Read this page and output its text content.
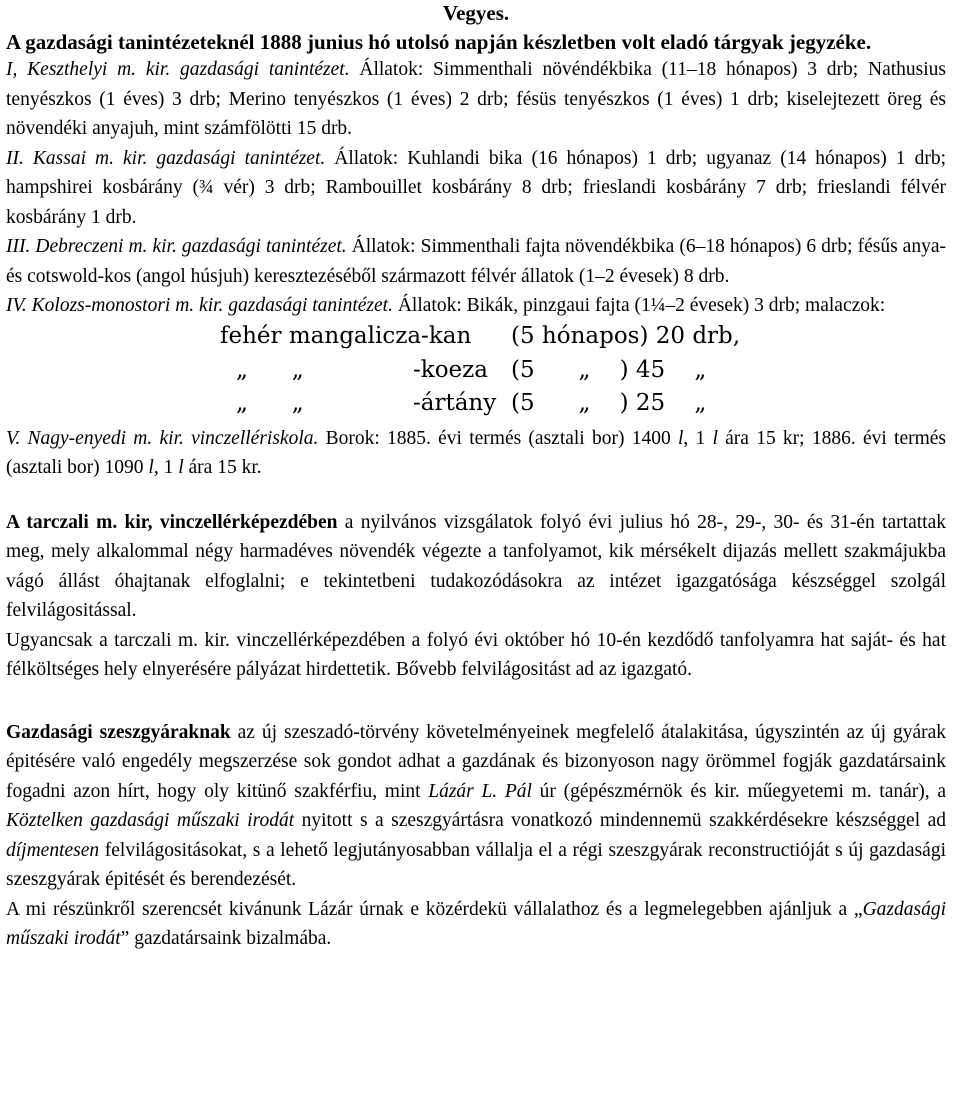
Vegyes.

A gazdasági tanintézeteknél 1888 junius hó utolsó napján készletben volt eladó tárgyak jegyzéke.

I, Keszthelyi m. kir. gazdasági tanintézet. Állatok: Simmenthali növéndékbika (11–18 hónapos) 3 drb; Nathusius tenyészkos (1 éves) 3 drb; Merino tenyészkos (1 éves) 2 drb; fésüs tenyészkos (1 éves) 1 drb; kiselejtezett öreg és növendéki anyajuh, mint számfölötti 15 drb.

II. Kassai m. kir. gazdasági tanintézet. Állatok: Kuhlandi bika (16 hónapos) 1 drb; ugyanaz (14 hónapos) 1 drb; hampshirei kosbárány (¾ vér) 3 drb; Rambouillet kosbárány 8 drb; frieslandi kosbárány 7 drb; frieslandi félvér kosbárány 1 drb.

III. Debreczeni m. kir. gazdasági tanintézet. Állatok: Simmenthali fajta növendékbika (6–18 hónapos) 6 drb; fésűs anya- és cotswold-kos (angol húsjuh) keresztezéséből származott félvér állatok (1–2 évesek) 8 drb.

IV. Kolozs-monostori m. kir. gazdasági tanintézet. Állatok: Bikák, pinzgaui fajta (1¼–2 évesek) 3 drb; malaczok:

fehér mangalicza-kan

(5 hónapos) 20 drb,

„      „

	-koeza

(5      „    ) 45    „

„      „

	-ártány

(5      „    ) 25    „

V. Nagy-enyedi m. kir. vinczellériskola. Borok: 1885. évi termés (asztali bor) 1400 l, 1 l ára 15 kr; 1886. évi termés (asztali bor) 1090 l, 1 l ára 15 kr.

A tarczali m. kir, vinczellérképezdében a nyilvános vizsgálatok folyó évi julius hó 28-, 29-, 30- és 31-én tartattak meg, mely alkalommal négy harmadéves növendék végezte a tanfolyamot, kik mérsékelt dijazás mellett szakmájukba vágó állást óhajtanak elfoglalni; e tekintetbeni tudakozódásokra az intézet igazgatósága készséggel szolgál felvilágositással.

Ugyancsak a tarczali m. kir. vinczellérképezdében a folyó évi október hó 10-én kezdődő tanfolyamra hat saját- és hat félköltséges hely elnyerésére pályázat hirdettetik. Bővebb felvilágositást ad az igazgató.

Gazdasági szeszgyáraknak az új szeszadó-törvény követelményeinek megfelelő átalakitása, úgyszintén az új gyárak épitésére való engedély megszerzése sok gondot adhat a gazdának és bizonyoson nagy örömmel fogják gazdatársaink fogadni azon hírt, hogy oly kitünő szakférfiu, mint Lázár L. Pál úr (gépészmérnök és kir. műegyetemi m. tanár), a Köztelken gazdasági műszaki irodát nyitott s a szeszgyártásra vonatkozó mindennemü szakkérdésekre készséggel ad díjmentesen felvilágositásokat, s a lehető legjutányosabban vállalja el a régi szeszgyárak reconstructióját s új gazdasági szeszgyárak épitését és berendezését.

A mi részünkről szerencsét kivánunk Lázár úrnak e közérdekü vállalathoz és a legmelegebben ajánljuk a „Gazdasági műszaki irodát” gazdatársaink bizalmába.
